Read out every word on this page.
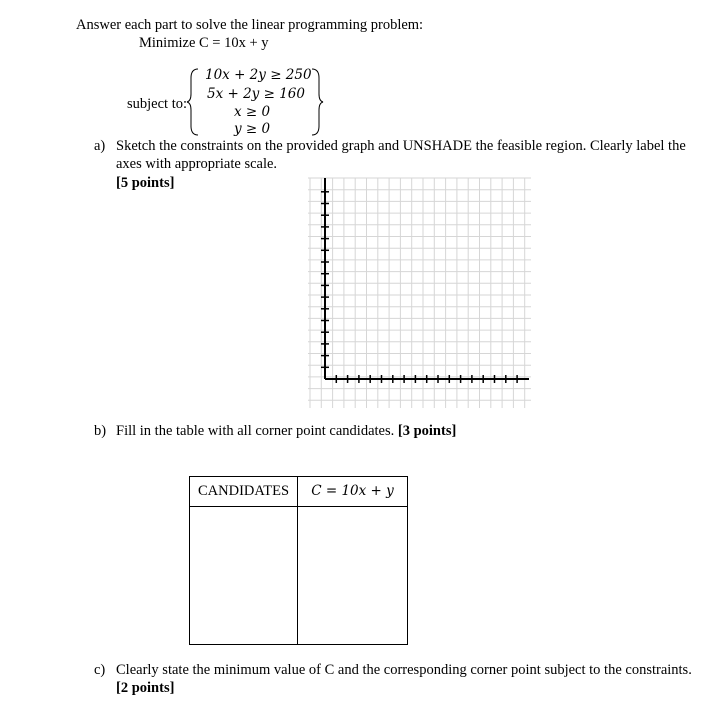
Answer each part to solve the linear programming problem:
Minimize C = 10x + y
subject to:
10x + 2y ≥ 250
5x + 2y ≥ 160
x ≥ 0
y ≥ 0
a) Sketch the constraints on the provided graph and UNSHADE the feasible region. Clearly label the
axes with appropriate scale.
[5 points]
b) Fill in the table with all corner point candidates. [3 points]
CANDIDATES	C = 10x + y

c) Clearly state the minimum value of C and the corresponding corner point subject to the constraints.
[2 points]
